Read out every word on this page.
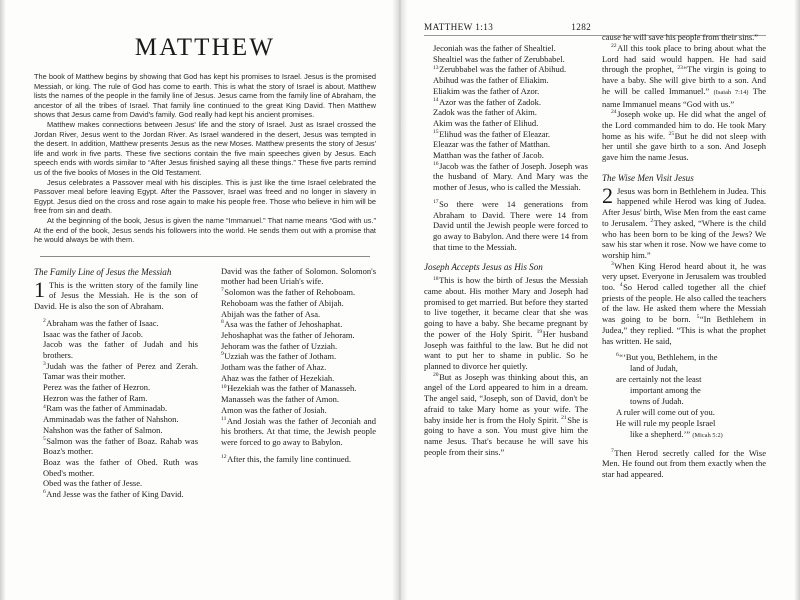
MATTHEW

The book of Matthew begins by showing that God has kept his promises to Israel. Jesus is the promised Messiah, or king. The rule of God has come to earth. This is what the story of Israel is about. Matthew lists the names of the people in the family line of Jesus. Jesus came from the family line of Abraham, the ancestor of all the tribes of Israel. That family line continued to the great King David. Then Matthew shows that Jesus came from David's family. God really had kept his ancient promises.

Matthew makes connections between Jesus' life and the story of Israel. Just as Israel crossed the Jordan River, Jesus went to the Jordan River. As Israel wandered in the desert, Jesus was tempted in the desert. In addition, Matthew presents Jesus as the new Moses. Matthew presents the story of Jesus' life and work in five parts. These five sections contain the five main speeches given by Jesus. Each speech ends with words similar to “After Jesus finished saying all these things.” These five parts remind us of the five books of Moses in the Old Testament.

Jesus celebrates a Passover meal with his disciples. This is just like the time Israel celebrated the Passover meal before leaving Egypt. After the Passover, Israel was freed and no longer in slavery in Egypt. Jesus died on the cross and rose again to make his people free. Those who believe in him will be free from sin and death.

At the beginning of the book, Jesus is given the name “Immanuel.” That name means “God with us.” At the end of the book, Jesus sends his followers into the world. He sends them out with a promise that he would always be with them.

The Family Line of Jesus the Messiah

1 This is the written story of the family line of Jesus the Messiah. He is the son of David. He is also the son of Abraham.

$^2$Abraham was the father of Isaac.

Isaac was the father of Jacob.

Jacob was the father of Judah and his brothers.

$^3$Judah was the father of Perez and Zerah. Tamar was their mother.

Perez was the father of Hezron.

Hezron was the father of Ram.

$^4$Ram was the father of Amminadab.

Amminadab was the father of Nahshon.

Nahshon was the father of Salmon.

$^5$Salmon was the father of Boaz. Rahab was Boaz's mother.

Boaz was the father of Obed. Ruth was Obed's mother.

Obed was the father of Jesse.

$^6$And Jesse was the father of King David.

David was the father of Solomon. Solomon's mother had been Uriah's wife.

$^7$Solomon was the father of Rehoboam.

Rehoboam was the father of Abijah.

Abijah was the father of Asa.

$^8$Asa was the father of Jehoshaphat.

Jehoshaphat was the father of Jehoram.

Jehoram was the father of Uzziah.

$^9$Uzziah was the father of Jotham.

Jotham was the father of Ahaz.

Ahaz was the father of Hezekiah.

$^{10}$Hezekiah was the father of Manasseh.

Manasseh was the father of Amon.

Amon was the father of Josiah.

$^{11}$And Josiah was the father of Jeconiah and his brothers. At that time, the Jewish people were forced to go away to Babylon.

$^{12}$After this, the family line continued.

MATTHEW 1:13	1282

Jeconiah was the father of Shealtiel.

Shealtiel was the father of Zerubbabel.

$^{13}$Zerubbabel was the father of Abihud.

Abihud was the father of Eliakim.

Eliakim was the father of Azor.

$^{14}$Azor was the father of Zadok.

Zadok was the father of Akim.

Akim was the father of Elihud.

$^{15}$Elihud was the father of Eleazar.

Eleazar was the father of Matthan.

Matthan was the father of Jacob.

$^{16}$Jacob was the father of Joseph. Joseph was the husband of Mary. And Mary was the mother of Jesus, who is called the Messiah.

$^{17}$So there were 14 generations from Abraham to David. There were 14 from David until the Jewish people were forced to go away to Babylon. And there were 14 from that time to the Messiah.

Joseph Accepts Jesus as His Son

$^{18}$This is how the birth of Jesus the Messiah came about. His mother Mary and Joseph had promised to get married. But before they started to live together, it became clear that she was going to have a baby. She became pregnant by the power of the Holy Spirit. $^{19}$Her husband Joseph was faithful to the law. But he did not want to put her to shame in public. So he planned to divorce her quietly.

$^{20}$But as Joseph was thinking about this, an angel of the Lord appeared to him in a dream. The angel said, “Joseph, son of David, don't be afraid to take Mary home as your wife. The baby inside her is from the Holy Spirit. $^{21}$She is going to have a son. You must give him the name Jesus. That's because he will save his people from their sins.”

cause he will save his people from their sins.”

$^{22}$All this took place to bring about what the Lord had said would happen. He had said through the prophet, $^{23}$“The virgin is going to have a baby. She will give birth to a son. And he will be called Immanuel.” (Isaiah 7:14) The name Immanuel means “God with us.”

$^{24}$Joseph woke up. He did what the angel of the Lord commanded him to do. He took Mary home as his wife. $^{25}$But he did not sleep with her until she gave birth to a son. And Joseph gave him the name Jesus.

The Wise Men Visit Jesus

2 Jesus was born in Bethlehem in Judea. This happened while Herod was king of Judea. After Jesus' birth, Wise Men from the east came to Jerusalem. $^2$They asked, “Where is the child who has been born to be king of the Jews? We saw his star when it rose. Now we have come to worship him.”

$^3$When King Herod heard about it, he was very upset. Everyone in Jerusalem was troubled too. $^4$So Herod called together all the chief priests of the people. He also called the teachers of the law. He asked them where the Messiah was going to be born. $^5$“In Bethlehem in Judea,” they replied. “This is what the prophet has written. He said,

$^6$“‘But you, Bethlehem, in the
land of Judah,
are certainly not the least
important among the
towns of Judah.
A ruler will come out of you.
He will rule my people Israel
like a shepherd.’” (Micah 5:2)

$^7$Then Herod secretly called for the Wise Men. He found out from them exactly when the star had appeared.
